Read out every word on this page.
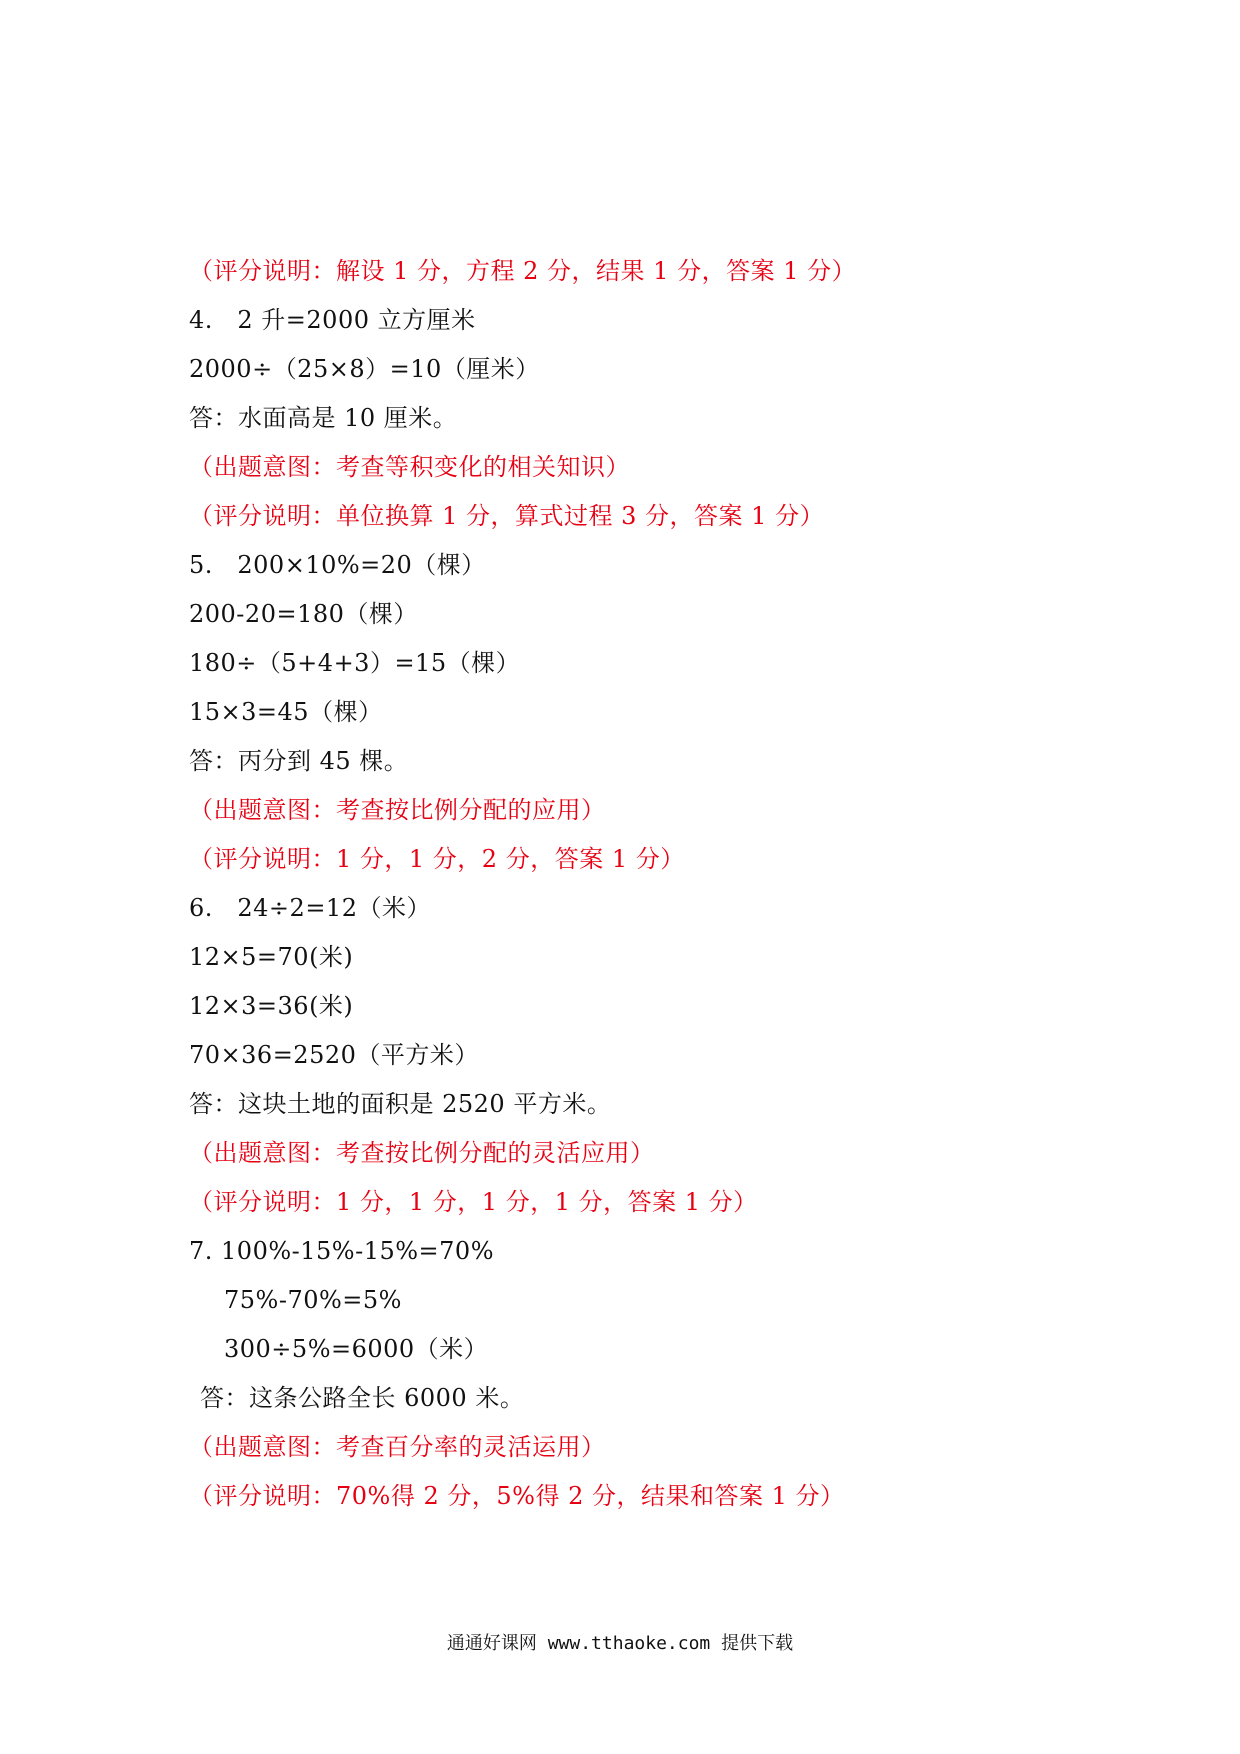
（评分说明：解设 1 分，方程 2 分，结果 1 分，答案 1 分）
4.　2 升=2000 立方厘米
2000÷（25×8）=10（厘米）
答：水面高是 10 厘米。
（出题意图：考查等积变化的相关知识）
（评分说明：单位换算 1 分，算式过程 3 分，答案 1 分）
5.　200×10%=20（棵）
200-20=180（棵）
180÷（5+4+3）=15（棵）
15×3=45（棵）
答：丙分到 45 棵。
（出题意图：考查按比例分配的应用）
（评分说明：1 分，1 分，2 分，答案 1 分）
6.　24÷2=12（米）
12×5=70(米)
12×3=36(米)
70×36=2520（平方米）
答：这块土地的面积是 2520 平方米。
（出题意图：考查按比例分配的灵活应用）
（评分说明：1 分，1 分，1 分，1 分，答案 1 分）
7. 100%-15%-15%=70%
75%-70%=5%
300÷5%=6000（米）
答：这条公路全长 6000 米。
（出题意图：考查百分率的灵活运用）
（评分说明：70%得 2 分，5%得 2 分，结果和答案 1 分）
通通好课网 www.tthaoke.com 提供下载
